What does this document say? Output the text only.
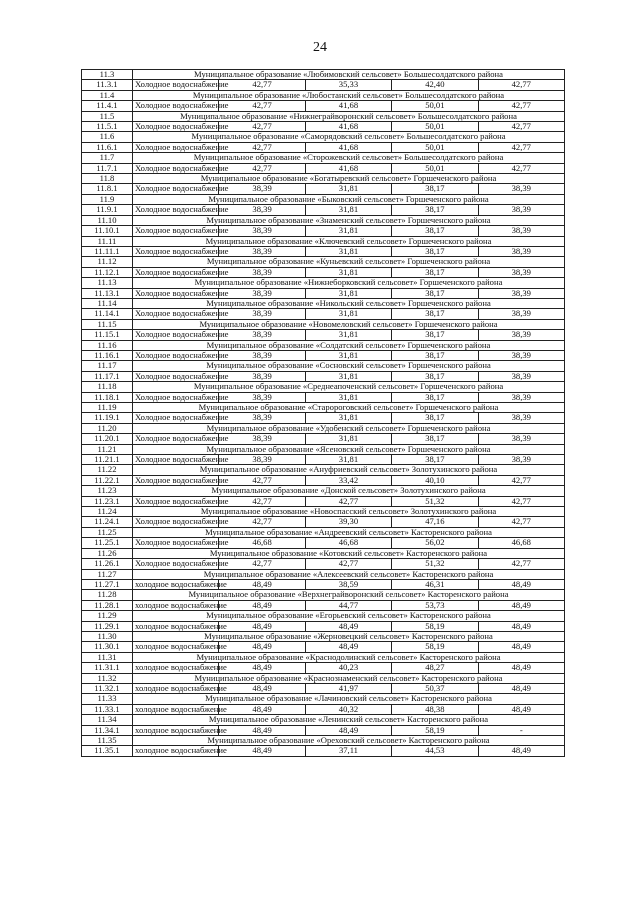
24
11.3	Муниципальное образование «Любимовский сельсовет» Большесолдатского района				
11.3.1	Холодное водоснабжение	42,77	35,33	42,40	42,77
11.4	Муниципальное образование «Любостанский сельсовет» Большесолдатского района				
11.4.1	Холодное водоснабжение	42,77	41,68	50,01	42,77
11.5	Муниципальное образование «Нижнеграйворонский сельсовет» Большесолдатского района				
11.5.1	Холодное водоснабжение	42,77	41,68	50,01	42,77
11.6	Муниципальное образование «Саморядовский сельсовет» Большесолдатского района				
11.6.1	Холодное водоснабжение	42,77	41,68	50,01	42,77
11.7	Муниципальное образование «Сторожевский сельсовет» Большесолдатского района				
11.7.1	Холодное водоснабжение	42,77	41,68	50,01	42,77
11.8	Муниципальное образование «Богатыревский сельсовет» Горшеченского района				
11.8.1	Холодное водоснабжение	38,39	31,81	38,17	38,39
11.9	Муниципальное образование «Быковский сельсовет» Горшеченского района				
11.9.1	Холодное водоснабжение	38,39	31,81	38,17	38,39
11.10	Муниципальное образование «Знаменский сельсовет» Горшеченского района				
11.10.1	Холодное водоснабжение	38,39	31,81	38,17	38,39
11.11	Муниципальное образование «Ключевский сельсовет» Горшеченского района				
11.11.1	Холодное водоснабжение	38,39	31,81	38,17	38,39
11.12	Муниципальное образование «Куньевский сельсовет» Горшеченского района				
11.12.1	Холодное водоснабжение	38,39	31,81	38,17	38,39
11.13	Муниципальное образование «Нижнеборковский сельсовет» Горшеченского района				
11.13.1	Холодное водоснабжение	38,39	31,81	38,17	38,39
11.14	Муниципальное образование «Никольский сельсовет» Горшеченского района				
11.14.1	Холодное водоснабжение	38,39	31,81	38,17	38,39
11.15	Муниципальное образование «Новомеловский сельсовет» Горшеченского района				
11.15.1	Холодное водоснабжение	38,39	31,81	38,17	38,39
11.16	Муниципальное образование «Солдатский сельсовет» Горшеченского района				
11.16.1	Холодное водоснабжение	38,39	31,81	38,17	38,39
11.17	Муниципальное образование «Сосновский сельсовет» Горшеченского района				
11.17.1	Холодное водоснабжение	38,39	31,81	38,17	38,39
11.18	Муниципальное образование «Среднеапоченский сельсовет» Горшеченского района				
11.18.1	Холодное водоснабжение	38,39	31,81	38,17	38,39
11.19	Муниципальное образование «Старороговский сельсовет» Горшеченского района				
11.19.1	Холодное водоснабжение	38,39	31,81	38,17	38,39
11.20	Муниципальное образование «Удобенский сельсовет» Горшеченского района				
11.20.1	Холодное водоснабжение	38,39	31,81	38,17	38,39
11.21	Муниципальное образование «Ясеновский сельсовет» Горшеченского района				
11.21.1	Холодное водоснабжение	38,39	31,81	38,17	38,39
11.22	Муниципальное образование «Ануфриевский сельсовет» Золотухинского района				
11.22.1	Холодное водоснабжение	42,77	33,42	40,10	42,77
11.23	Муниципальное образование «Донской сельсовет» Золотухинского района				
11.23.1	Холодное водоснабжение	42,77	42,77	51,32	42,77
11.24	Муниципальное образование «Новоспасский сельсовет» Золотухинского района				
11.24.1	Холодное водоснабжение	42,77	39,30	47,16	42,77
11.25	Муниципальное образование «Андреевский сельсовет» Касторенского района				
11.25.1	Холодное водоснабжение	46,68	46,68	56,02	46,68
11.26	Муниципальное образование «Котовский сельсовет» Касторенского района				
11.26.1	Холодное водоснабжение	42,77	42,77	51,32	42,77
11.27	Муниципальное образование «Алексеевский сельсовет» Касторенского района				
11.27.1	холодное водоснабжение	48,49	38,59	46,31	48,49
11.28	Муниципальное образование «Верхнеграйворонский сельсовет» Касторенского района				
11.28.1	холодное водоснабжение	48,49	44,77	53,73	48,49
11.29	Муниципальное образование «Егорьевский сельсовет» Касторенского района				
11.29.1	холодное водоснабжение	48,49	48,49	58,19	48,49
11.30	Муниципальное образование «Жерновецкий сельсовет» Касторенского района				
11.30.1	холодное водоснабжение	48,49	48,49	58,19	48,49
11.31	Муниципальное образование «Краснодолинский сельсовет» Касторенского района				
11.31.1	холодное водоснабжение	48,49	40,23	48,27	48,49
11.32	Муниципальное образование «Краснознаменский сельсовет» Касторенского района				
11.32.1	холодное водоснабжение	48,49	41,97	50,37	48,49
11.33	Муниципальное образование «Лачиновский сельсовет» Касторенского района				
11.33.1	холодное водоснабжение	48,49	40,32	48,38	48,49
11.34	Муниципальное образование «Ленинский сельсовет» Касторенского района				
11.34.1	холодное водоснабжение	48,49	48,49	58,19	-
11.35	Муниципальное образование «Ореховский сельсовет» Касторенского района				
11.35.1	холодное водоснабжение	48,49	37,11	44,53	48,49
